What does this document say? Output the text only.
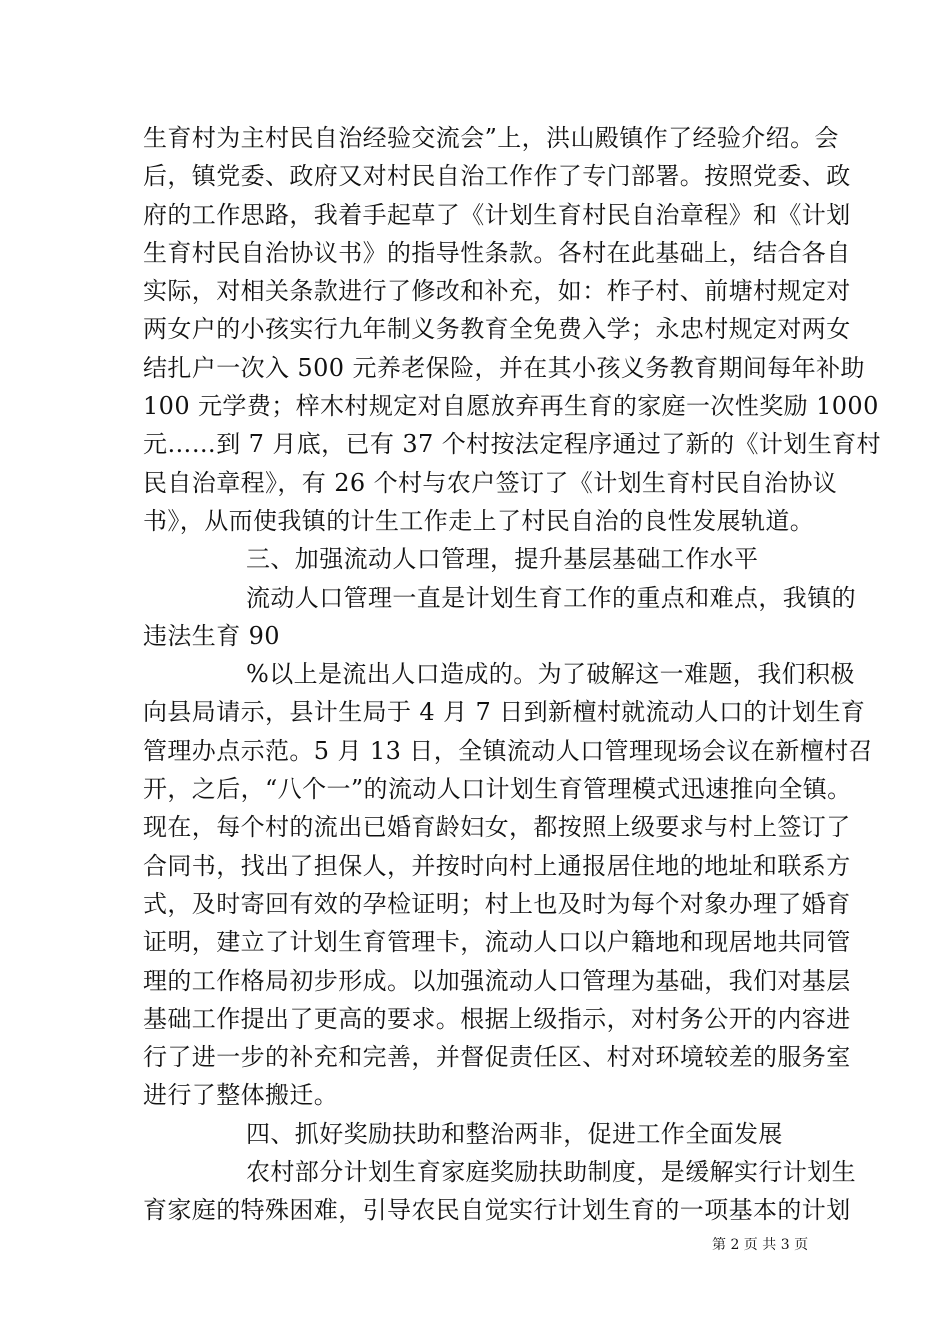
生育村为主村民自治经验交流会”上，洪山殿镇作了经验介绍。会
后，镇党委、政府又对村民自治工作作了专门部署。按照党委、政
府的工作思路，我着手起草了《计划生育村民自治章程》和《计划
生育村民自治协议书》的指导性条款。各村在此基础上，结合各自
实际，对相关条款进行了修改和补充，如：柞子村、前塘村规定对
两女户的小孩实行九年制义务教育全免费入学；永忠村规定对两女
结扎户一次入 500 元养老保险，并在其小孩义务教育期间每年补助
100 元学费；梓木村规定对自愿放弃再生育的家庭一次性奖励 1000
元……到 7 月底，已有 37 个村按法定程序通过了新的《计划生育村
民自治章程》，有 26 个村与农户签订了《计划生育村民自治协议
书》，从而使我镇的计生工作走上了村民自治的良性发展轨道。
三、加强流动人口管理，提升基层基础工作水平
流动人口管理一直是计划生育工作的重点和难点，我镇的
违法生育 90
%以上是流出人口造成的。为了破解这一难题，我们积极
向县局请示，县计生局于 4 月 7 日到新檀村就流动人口的计划生育
管理办点示范。5 月 13 日，全镇流动人口管理现场会议在新檀村召
开，之后，“八个一”的流动人口计划生育管理模式迅速推向全镇。
现在，每个村的流出已婚育龄妇女，都按照上级要求与村上签订了
合同书，找出了担保人，并按时向村上通报居住地的地址和联系方
式，及时寄回有效的孕检证明；村上也及时为每个对象办理了婚育
证明，建立了计划生育管理卡，流动人口以户籍地和现居地共同管
理的工作格局初步形成。以加强流动人口管理为基础，我们对基层
基础工作提出了更高的要求。根据上级指示，对村务公开的内容进
行了进一步的补充和完善，并督促责任区、村对环境较差的服务室
进行了整体搬迁。
四、抓好奖励扶助和整治两非，促进工作全面发展
农村部分计划生育家庭奖励扶助制度，是缓解实行计划生
育家庭的特殊困难，引导农民自觉实行计划生育的一项基本的计划
第 2 页 共 3 页
